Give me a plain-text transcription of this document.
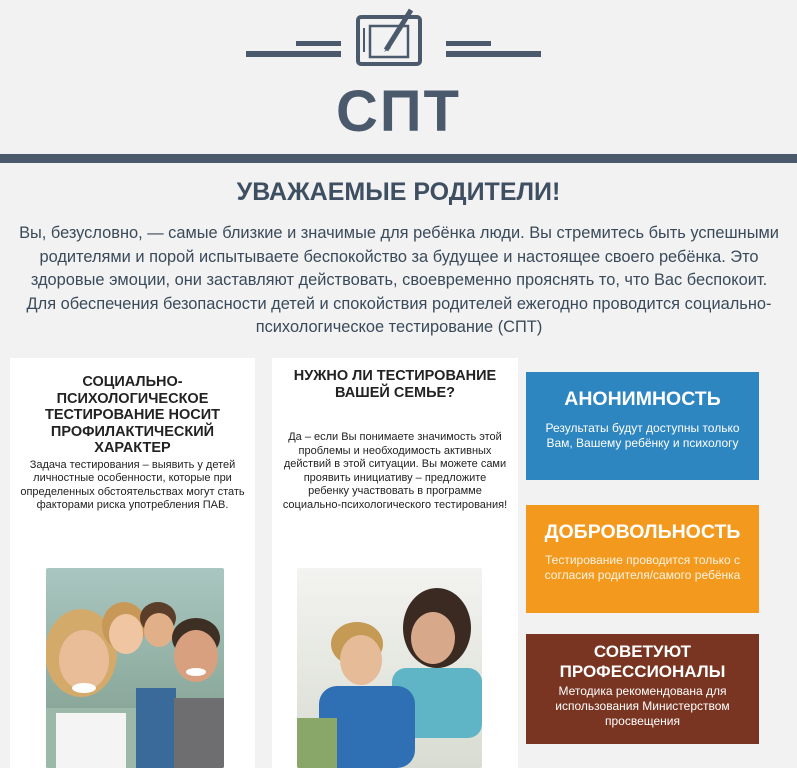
СПТ
УВАЖАЕМЫЕ РОДИТЕЛИ!
Вы, безусловно, — самые близкие и значимые для ребёнка люди. Вы стремитесь быть успешными родителями и порой испытываете беспокойство за будущее и настоящее своего ребёнка. Это здоровые эмоции, они заставляют действовать, своевременно прояснять то, что Вас беспокоит. Для обеспечения безопасности детей и спокойствия родителей ежегодно проводится социально-психологическое тестирование (СПТ)
СОЦИАЛЬНО-ПСИХОЛОГИЧЕСКОЕ ТЕСТИРОВАНИЕ НОСИТ ПРОФИЛАКТИЧЕСКИЙ ХАРАКТЕР

Задача тестирования – выявить у детей личностные особенности, которые при определенных обстоятельствах могут стать факторами риска употребления ПАВ.

НУЖНО ЛИ ТЕСТИРОВАНИЕ ВАШЕЙ СЕМЬЕ?

Да – если Вы понимаете значимость этой проблемы и необходимость активных действий в этой ситуации. Вы можете сами проявить инициативу – предложите ребенку участвовать в программе социально-психологического тестирования!

АНОНИМНОСТЬ

Результаты будут доступны только Вам, Вашему ребёнку и психологу

ДОБРОВОЛЬНОСТЬ

Тестирование проводится только с согласия родителя/самого ребёнка

СОВЕТУЮТ ПРОФЕССИОНАЛЫ

Методика рекомендована для использования Министерством просвещения
